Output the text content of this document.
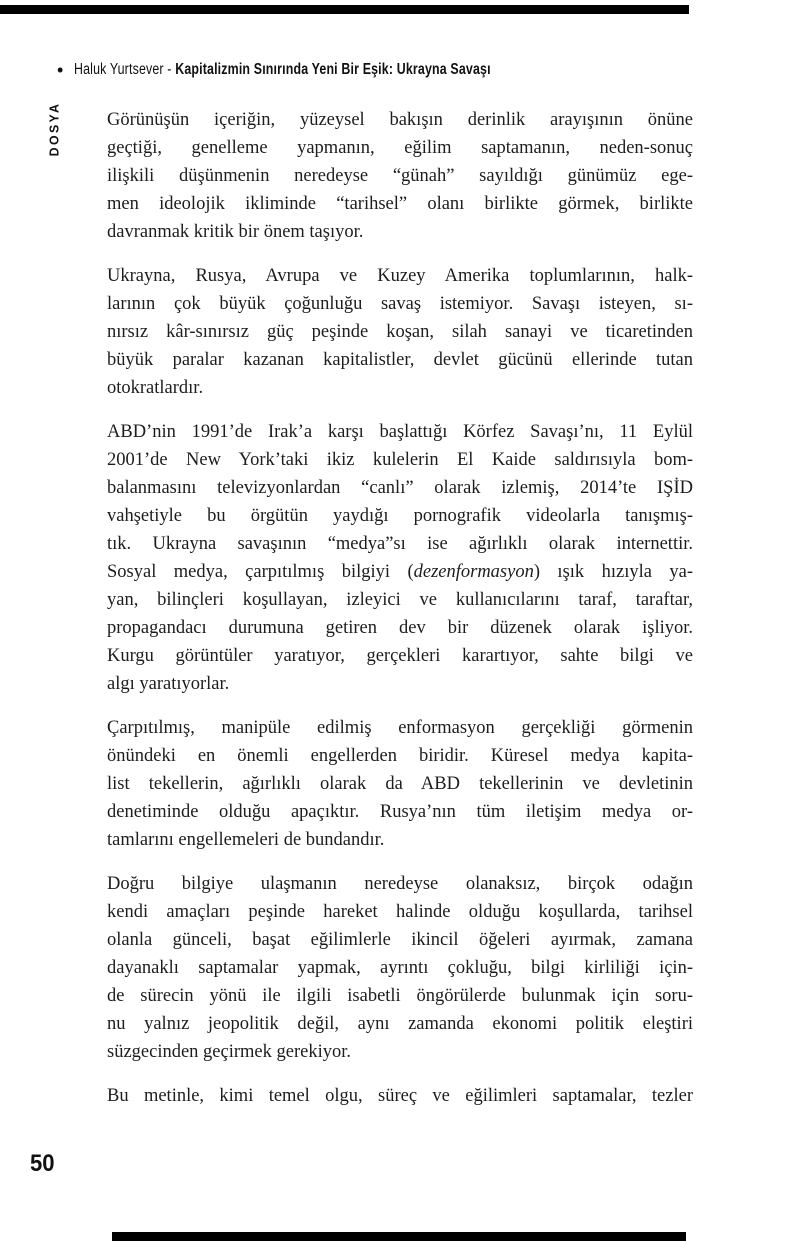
• Haluk Yurtsever - Kapitalizmin Sınırında Yeni Bir Eşik: Ukrayna Savaşı
DOSYA Görünüşün içeriğin, yüzeysel bakışın derinlik arayışının önüne
geçtiği, genelleme yapmanın, eğilim saptamanın, neden-sonuç
ilişkili düşünmenin neredeyse “günah” sayıldığı günümüz ege-
men ideolojik ikliminde “tarihsel” olanı birlikte görmek, birlikte
davranmak kritik bir önem taşıyor.
Ukrayna, Rusya, Avrupa ve Kuzey Amerika toplumlarının, halk-
larının çok büyük çoğunluğu savaş istemiyor. Savaşı isteyen, sı-
nırsız kâr-sınırsız güç peşinde koşan, silah sanayi ve ticaretinden
büyük paralar kazanan kapitalistler, devlet gücünü ellerinde tutan
otokratlardır.
ABD’nin 1991’de Irak’a karşı başlattığı Körfez Savaşı’nı, 11 Eylül
2001’de New York’taki ikiz kulelerin El Kaide saldırısıyla bom-
balanmasını televizyonlardan “canlı” olarak izlemiş, 2014’te IŞİD
vahşetiyle bu örgütün yaydığı pornografik videolarla tanışmış-
tık. Ukrayna savaşının “medya”sı ise ağırlıklı olarak internettir.
Sosyal medya, çarpıtılmış bilgiyi (dezenformasyon) ışık hızıyla ya-
yan, bilinçleri koşullayan, izleyici ve kullanıcılarını taraf, taraftar,
propagandacı durumuna getiren dev bir düzenek olarak işliyor.
Kurgu görüntüler yaratıyor, gerçekleri karartıyor, sahte bilgi ve
algı yaratıyorlar.
Çarpıtılmış, manipüle edilmiş enformasyon gerçekliği görmenin
önündeki en önemli engellerden biridir. Küresel medya kapita-
list tekellerin, ağırlıklı olarak da ABD tekellerinin ve devletinin
denetiminde olduğu apaçıktır. Rusya’nın tüm iletişim medya or-
tamlarını engellemeleri de bundandır.
Doğru bilgiye ulaşmanın neredeyse olanaksız, birçok odağın
kendi amaçları peşinde hareket halinde olduğu koşullarda, tarihsel
olanla günceli, başat eğilimlerle ikincil öğeleri ayırmak, zamana
dayanaklı saptamalar yapmak, ayrıntı çokluğu, bilgi kirliliği için-
de sürecin yönü ile ilgili isabetli öngörülerde bulunmak için soru-
nu yalnız jeopolitik değil, aynı zamanda ekonomi politik eleştiri
süzgecinden geçirmek gerekiyor.
Bu metinle, kimi temel olgu, süreç ve eğilimleri saptamalar, tezler
50
